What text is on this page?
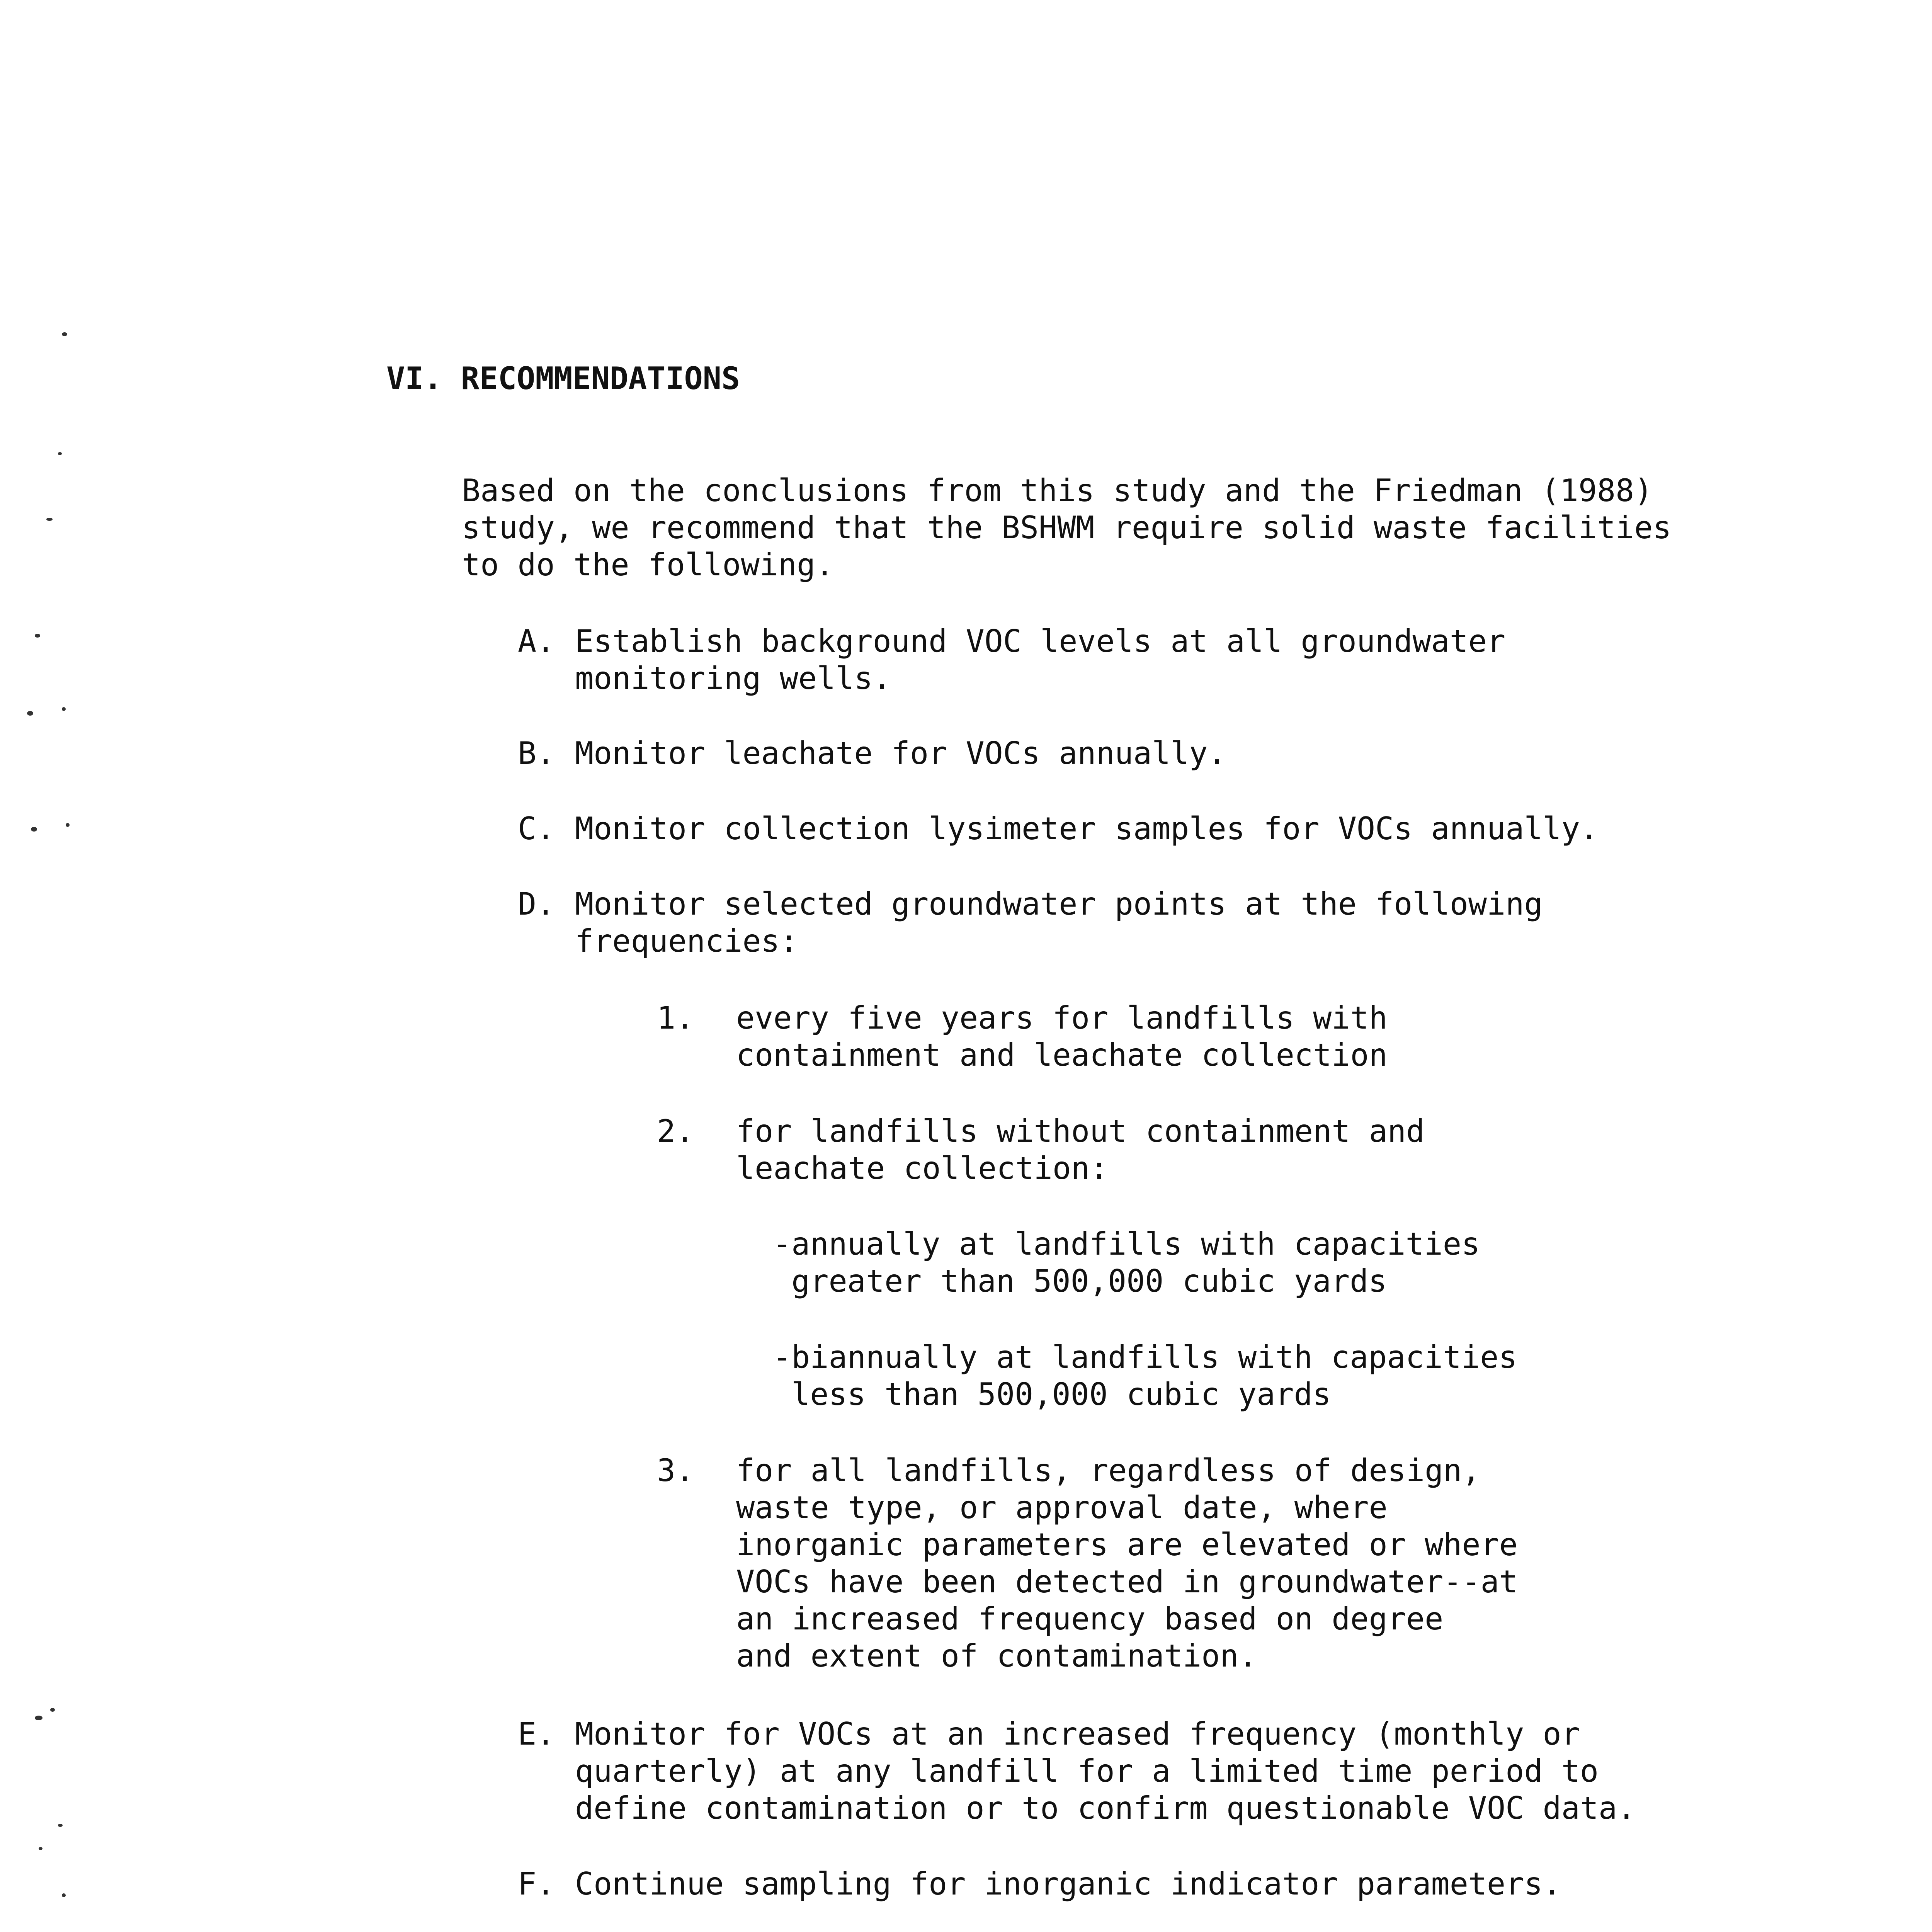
VI. RECOMMENDATIONS
Based on the conclusions from this study and the Friedman (1988)
study, we recommend that the BSHWM require solid waste facilities
to do the following.
A. Establish background VOC levels at all groundwater
monitoring wells.
B. Monitor leachate for VOCs annually.
C. Monitor collection lysimeter samples for VOCs annually.
D. Monitor selected groundwater points at the following
frequencies:
1. every five years for landfills with
containment and leachate collection
2. for landfills without containment and
leachate collection:
-annually at landfills with capacities
greater than 500,000 cubic yards
-biannually at landfills with capacities
less than 500,000 cubic yards
3. for all landfills, regardless of design,
waste type, or approval date, where
inorganic parameters are elevated or where
VOCs have been detected in groundwater--at
an increased frequency based on degree
and extent of contamination.
E. Monitor for VOCs at an increased frequency (monthly or
quarterly) at any landfill for a limited time period to
define contamination or to confirm questionable VOC data.
F. Continue sampling for inorganic indicator parameters.
